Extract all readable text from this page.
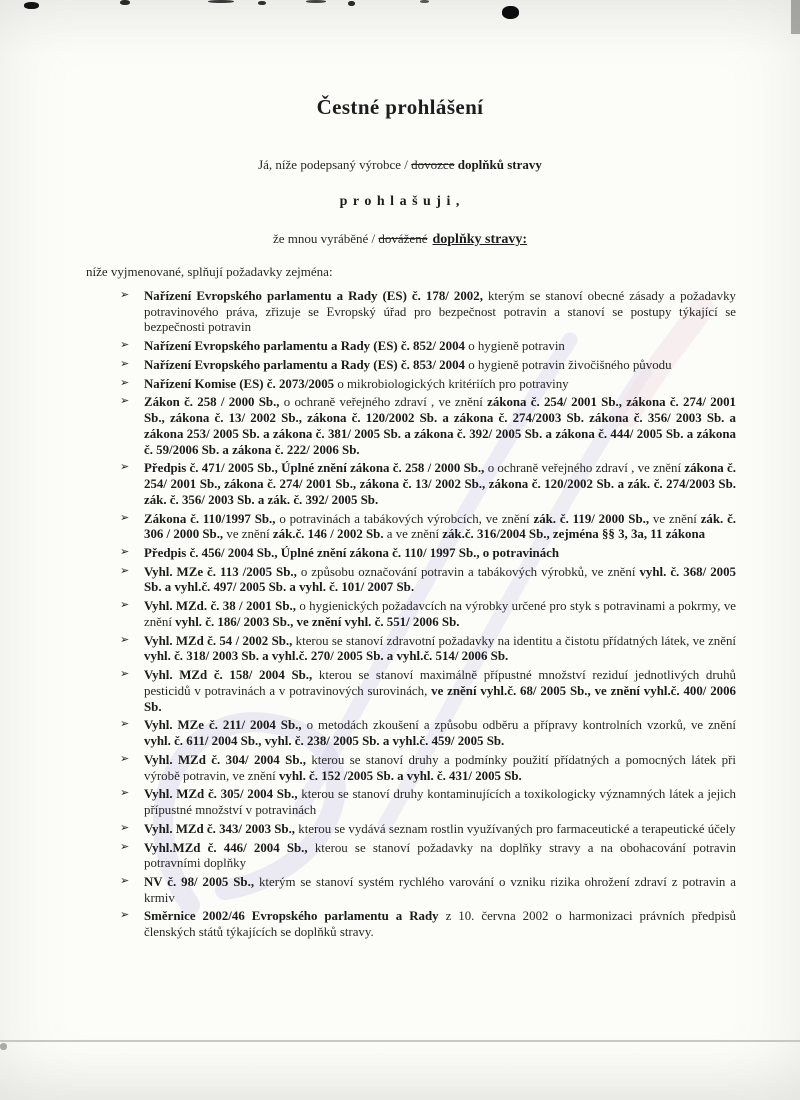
Čestné prohlášení

Já, níže podepsaný výrobce / dovozce doplňků stravy

p r o h l a š u j i ,

že mnou vyráběné / dovážené doplňky stravy:

níže vyjmenované, splňují požadavky zejména:

➢ Nařízení Evropského parlamentu a Rady (ES) č. 178/ 2002, kterým se stanoví obecné zásady a požadavky potravinového práva, zřizuje se Evropský úřad pro bezpečnost potravin a stanoví se postupy týkající se bezpečnosti potravin
➢ Nařízení Evropského parlamentu a Rady (ES) č. 852/ 2004 o hygieně potravin
➢ Nařízení Evropského parlamentu a Rady (ES) č. 853/ 2004 o hygieně potravin živočišného původu
➢ Nařízení Komise (ES) č. 2073/2005 o mikrobiologických kritériích pro potraviny
➢ Zákon č. 258 / 2000 Sb., o ochraně veřejného zdraví , ve znění zákona č. 254/ 2001 Sb., zákona č. 274/ 2001 Sb., zákona č. 13/ 2002 Sb., zákona č. 120/2002 Sb. a zákona č. 274/2003 Sb. zákona č. 356/ 2003 Sb. a zákona 253/ 2005 Sb. a zákona č. 381/ 2005 Sb. a zákona č. 392/ 2005 Sb. a zákona č. 444/ 2005 Sb. a zákona č. 59/2006 Sb. a zákona č. 222/ 2006 Sb.
➢ Předpis č. 471/ 2005 Sb., Úplné znění zákona č. 258 / 2000 Sb., o ochraně veřejného zdraví , ve znění zákona č. 254/ 2001 Sb., zákona č. 274/ 2001 Sb., zákona č. 13/ 2002 Sb., zákona č. 120/2002 Sb. a zák. č. 274/2003 Sb. zák. č. 356/ 2003 Sb. a zák. č. 392/ 2005 Sb.
➢ Zákona č. 110/1997 Sb., o potravinách a tabákových výrobcích, ve znění zák. č. 119/ 2000 Sb., ve znění zák. č. 306 / 2000 Sb., ve znění zák.č. 146 / 2002 Sb. a ve znění zák.č. 316/2004 Sb., zejména §§ 3, 3a, 11 zákona
➢ Předpis č. 456/ 2004 Sb., Úplné znění zákona č. 110/ 1997 Sb., o potravinách
➢ Vyhl. MZe č. 113 /2005 Sb., o způsobu označování potravin a tabákových výrobků, ve znění vyhl. č. 368/ 2005 Sb. a vyhl.č. 497/ 2005 Sb. a vyhl. č. 101/ 2007 Sb.
➢ Vyhl. MZd. č. 38 / 2001 Sb., o hygienických požadavcích na výrobky určené pro styk s potravinami a pokrmy, ve znění vyhl. č. 186/ 2003 Sb., ve znění vyhl. č. 551/ 2006 Sb.
➢ Vyhl. MZd č. 54 / 2002 Sb., kterou se stanoví zdravotní požadavky na identitu a čistotu přídatných látek, ve znění vyhl. č. 318/ 2003 Sb. a vyhl.č. 270/ 2005 Sb. a vyhl.č. 514/ 2006 Sb.
➢ Vyhl. MZd č. 158/ 2004 Sb., kterou se stanoví maximálně přípustné množství reziduí jednotlivých druhů pesticidů v potravinách a v potravinových surovinách, ve znění vyhl.č. 68/ 2005 Sb., ve znění vyhl.č. 400/ 2006 Sb.
➢ Vyhl. MZe č. 211/ 2004 Sb., o metodách zkoušení a způsobu odběru a přípravy kontrolních vzorků, ve znění vyhl. č. 611/ 2004 Sb., vyhl. č. 238/ 2005 Sb. a vyhl.č. 459/ 2005 Sb.
➢ Vyhl. MZd č. 304/ 2004 Sb., kterou se stanoví druhy a podmínky použití přídatných a pomocných látek při výrobě potravin, ve znění vyhl. č. 152 /2005 Sb. a vyhl. č. 431/ 2005 Sb.
➢ Vyhl. MZd č. 305/ 2004 Sb., kterou se stanoví druhy kontaminujících a toxikologicky významných látek a jejich přípustné množství v potravinách
➢ Vyhl. MZd č. 343/ 2003 Sb., kterou se vydává seznam rostlin využívaných pro farmaceutické a terapeutické účely
➢ Vyhl.MZd č. 446/ 2004 Sb., kterou se stanoví požadavky na doplňky stravy a na obohacování potravin potravními doplňky
➢ NV č. 98/ 2005 Sb., kterým se stanoví systém rychlého varování o vzniku rizika ohrožení zdraví z potravin a krmiv
➢ Směrnice 2002/46 Evropského parlamentu a Rady z 10. června 2002 o harmonizaci právních předpisů členských států týkajících se doplňků stravy.
